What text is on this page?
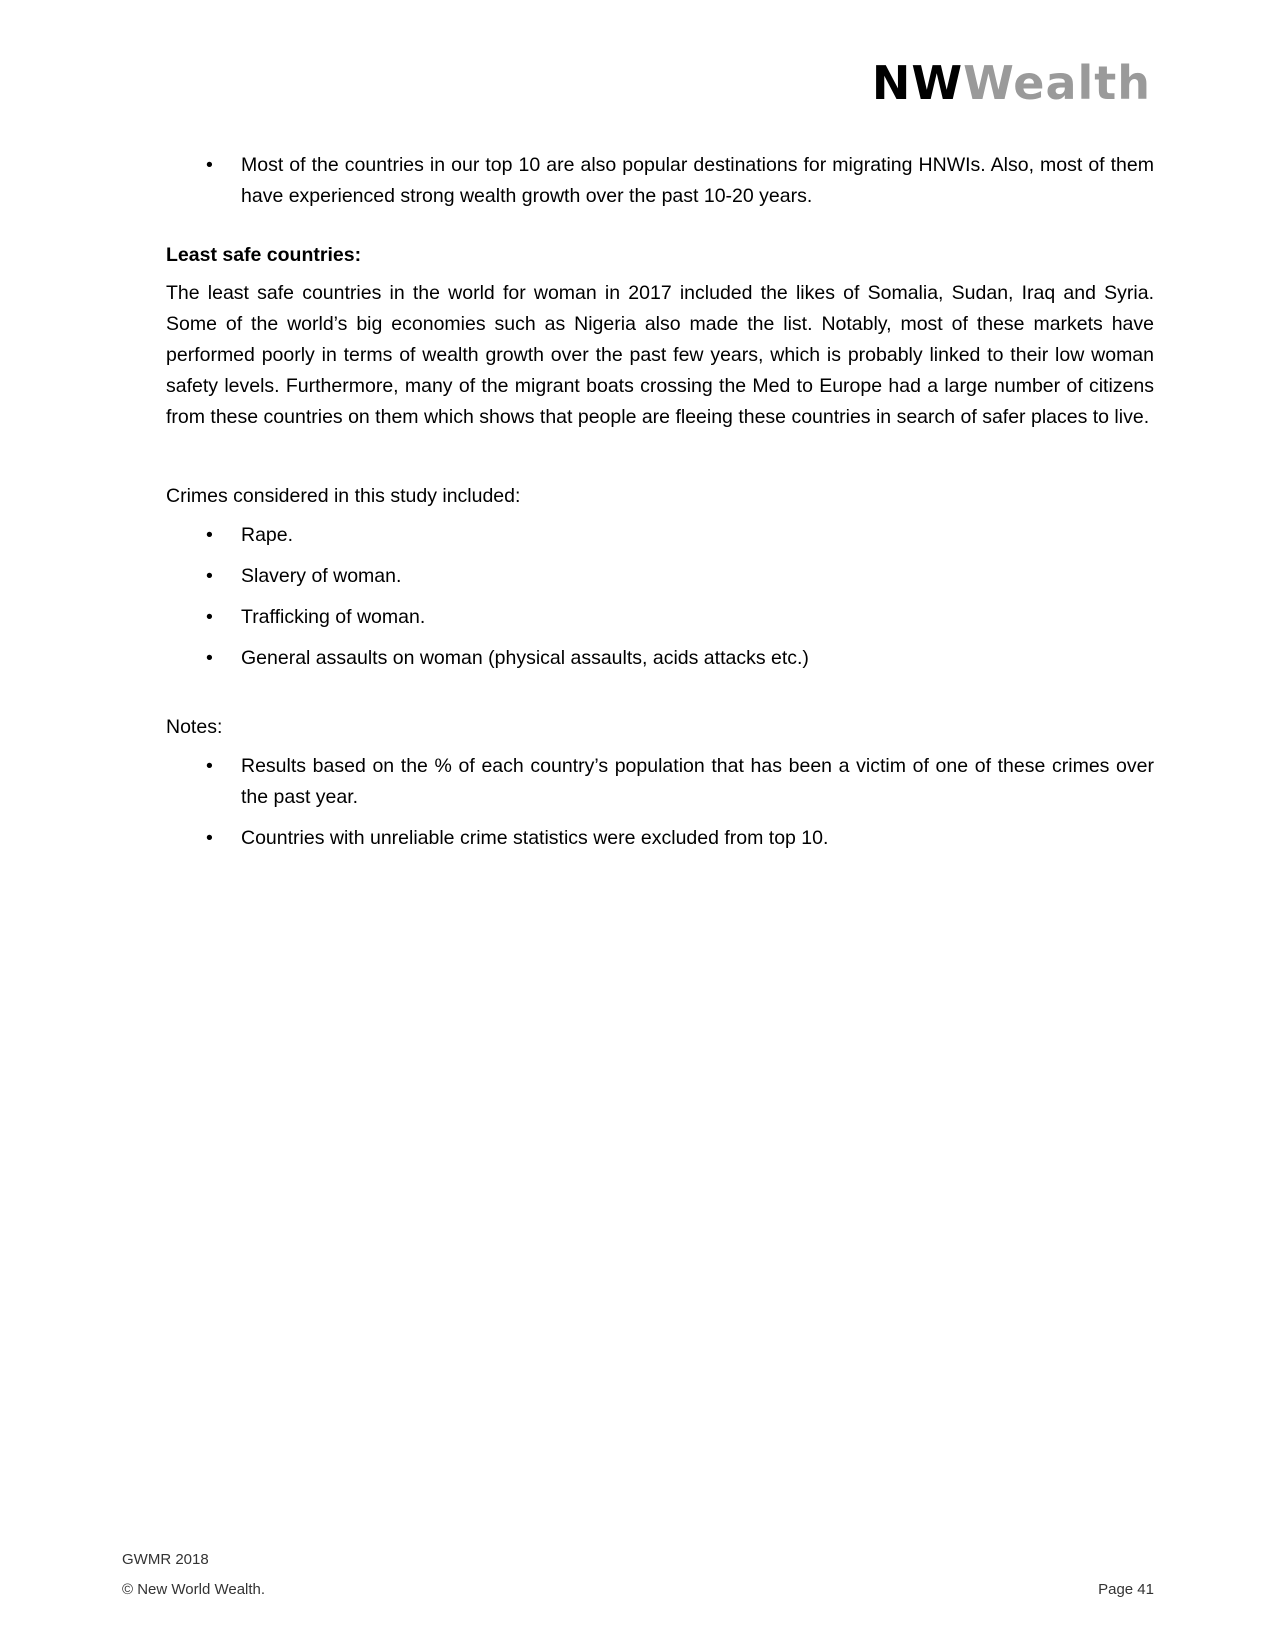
NWWealth
• Most of the countries in our top 10 are also popular destinations for migrating HNWIs. Also, most of them have experienced strong wealth growth over the past 10-20 years.

Least safe countries:

The least safe countries in the world for woman in 2017 included the likes of Somalia, Sudan, Iraq and Syria. Some of the world’s big economies such as Nigeria also made the list. Notably, most of these markets have performed poorly in terms of wealth growth over the past few years, which is probably linked to their low woman safety levels. Furthermore, many of the migrant boats crossing the Med to Europe had a large number of citizens from these countries on them which shows that people are fleeing these countries in search of safer places to live.

Crimes considered in this study included:

• Rape.
• Slavery of woman.
• Trafficking of woman.
• General assaults on woman (physical assaults, acids attacks etc.)

Notes:

• Results based on the % of each country’s population that has been a victim of one of these crimes over the past year.
• Countries with unreliable crime statistics were excluded from top 10.
GWMR 2018
© New World Wealth.	Page 41
